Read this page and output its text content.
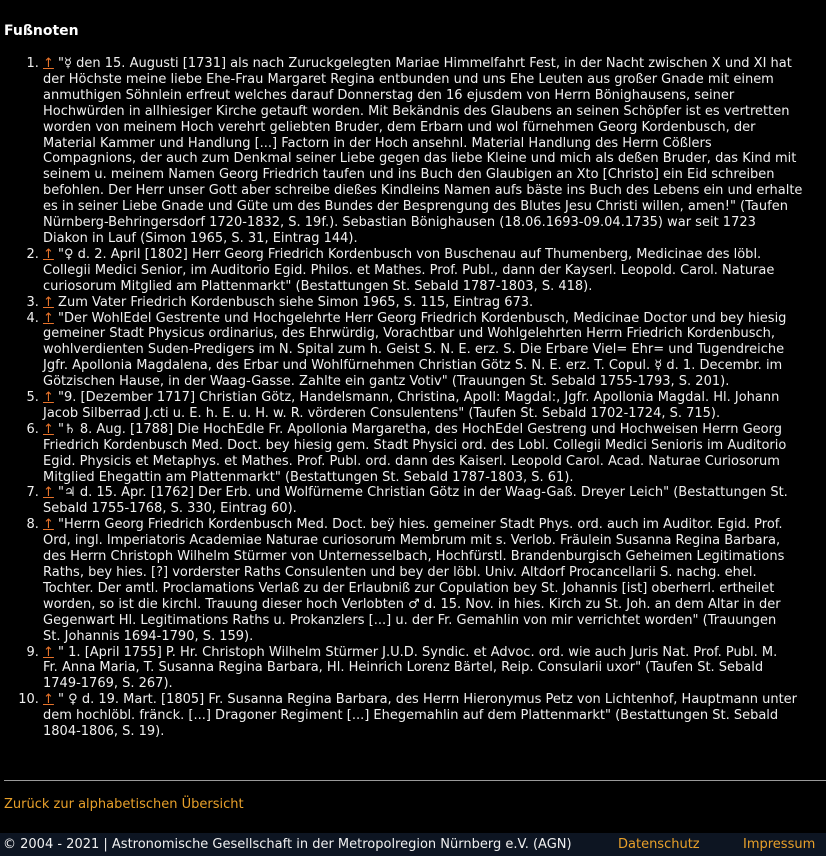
Fußnoten
1. ↑ "☿ den 15. Augusti [1731] als nach Zuruckgelegten Mariae Himmelfahrt Fest, in der Nacht zwischen X und XI hat
der Höchste meine liebe Ehe-Frau Margaret Regina entbunden und uns Ehe Leuten aus großer Gnade mit einem
anmuthigen Söhnlein erfreut welches darauf Donnerstag den 16 ejusdem von Herrn Bönighausens, seiner
Hochwürden in allhiesiger Kirche getauft worden. Mit Bekändnis des Glaubens an seinen Schöpfer ist es vertretten
worden von meinem Hoch verehrt geliebten Bruder, dem Erbarn und wol fürnehmen Georg Kordenbusch, der
Material Kammer und Handlung [...] Factorn in der Hoch ansehnl. Material Handlung des Herrn Cößlers
Compagnions, der auch zum Denkmal seiner Liebe gegen das liebe Kleine und mich als deßen Bruder, das Kind mit
seinem u. meinem Namen Georg Friedrich taufen und ins Buch den Glaubigen an Xto [Christo] ein Eid schreiben
befohlen. Der Herr unser Gott aber schreibe dießes Kindleins Namen aufs bäste ins Buch des Lebens ein und erhalte
es in seiner Liebe Gnade und Güte um des Bundes der Besprengung des Blutes Jesu Christi willen, amen!" (Taufen
Nürnberg-Behringersdorf 1720-1832, S. 19f.). Sebastian Bönighausen (18.06.1693-09.04.1735) war seit 1723
Diakon in Lauf (Simon 1965, S. 31, Eintrag 144).
2. ↑ "♀ d. 2. April [1802] Herr Georg Friedrich Kordenbusch von Buschenau auf Thumenberg, Medicinae des löbl.
Collegii Medici Senior, im Auditorio Egid. Philos. et Mathes. Prof. Publ., dann der Kayserl. Leopold. Carol. Naturae
curiosorum Mitglied am Plattenmarkt" (Bestattungen St. Sebald 1787-1803, S. 418).
3. ↑ Zum Vater Friedrich Kordenbusch siehe Simon 1965, S. 115, Eintrag 673.
4. ↑ "Der WohlEdel Gestrente und Hochgelehrte Herr Georg Friedrich Kordenbusch, Medicinae Doctor und bey hiesig
gemeiner Stadt Physicus ordinarius, des Ehrwürdig, Vorachtbar und Wohlgelehrten Herrn Friedrich Kordenbusch,
wohlverdienten Suden-Predigers im N. Spital zum h. Geist S. N. E. erz. S. Die Erbare Viel= Ehr= und Tugendreiche
Jgfr. Apollonia Magdalena, des Erbar und Wohlfürnehmen Christian Götz S. N. E. erz. T. Copul. ☿ d. 1. Decembr. im
Götzischen Hause, in der Waag-Gasse. Zahlte ein gantz Votiv" (Trauungen St. Sebald 1755-1793, S. 201).
5. ↑ "9. [Dezember 1717] Christian Götz, Handelsmann, Christina, Apoll: Magdal:, Jgfr. Apollonia Magdal. Hl. Johann
Jacob Silberrad J.cti u. E. h. E. u. H. w. R. vörderen Consulentens" (Taufen St. Sebald 1702-1724, S. 715).
6. ↑ "♄ 8. Aug. [1788] Die HochEdle Fr. Apollonia Margaretha, des HochEdel Gestreng und Hochweisen Herrn Georg
Friedrich Kordenbusch Med. Doct. bey hiesig gem. Stadt Physici ord. des Lobl. Collegii Medici Senioris im Auditorio
Egid. Physicis et Metaphys. et Mathes. Prof. Publ. ord. dann des Kaiserl. Leopold Carol. Acad. Naturae Curiosorum
Mitglied Ehegattin am Plattenmarkt" (Bestattungen St. Sebald 1787-1803, S. 61).
7. ↑ "♃ d. 15. Apr. [1762] Der Erb. und Wolfürneme Christian Götz in der Waag-Gaß. Dreyer Leich" (Bestattungen St.
Sebald 1755-1768, S. 330, Eintrag 60).
8. ↑ "Herrn Georg Friedrich Kordenbusch Med. Doct. beÿ hies. gemeiner Stadt Phys. ord. auch im Auditor. Egid. Prof.
Ord, ingl. Imperiatoris Academiae Naturae curiosorum Membrum mit s. Verlob. Fräulein Susanna Regina Barbara,
des Herrn Christoph Wilhelm Stürmer von Unternesselbach, Hochfürstl. Brandenburgisch Geheimen Legitimations
Raths, bey hies. [?] vorderster Raths Consulenten und bey der löbl. Univ. Altdorf Procancellarii S. nachg. ehel.
Tochter. Der amtl. Proclamations Verlaß zu der Erlaubniß zur Copulation bey St. Johannis [ist] oberherrl. ertheilet
worden, so ist die kirchl. Trauung dieser hoch Verlobten ♂ d. 15. Nov. in hies. Kirch zu St. Joh. an dem Altar in der
Gegenwart Hl. Legitimations Raths u. Prokanzlers [...] u. der Fr. Gemahlin von mir verrichtet worden" (Trauungen
St. Johannis 1694-1790, S. 159).
9. ↑ " 1. [April 1755] P. Hr. Christoph Wilhelm Stürmer J.U.D. Syndic. et Advoc. ord. wie auch Juris Nat. Prof. Publ. M.
Fr. Anna Maria, T. Susanna Regina Barbara, Hl. Heinrich Lorenz Bärtel, Reip. Consularii uxor" (Taufen St. Sebald
1749-1769, S. 267).
10. ↑ " ♀ d. 19. Mart. [1805] Fr. Susanna Regina Barbara, des Herrn Hieronymus Petz von Lichtenhof, Hauptmann unter
dem hochlöbl. fränck. [...] Dragoner Regiment [...] Ehegemahlin auf dem Plattenmarkt" (Bestattungen St. Sebald
1804-1806, S. 19).
Zurück zur alphabetischen Übersicht
© 2004 - 2021 | Astronomische Gesellschaft in der Metropolregion Nürnberg e.V. (AGN)	Datenschutz	Impressum
